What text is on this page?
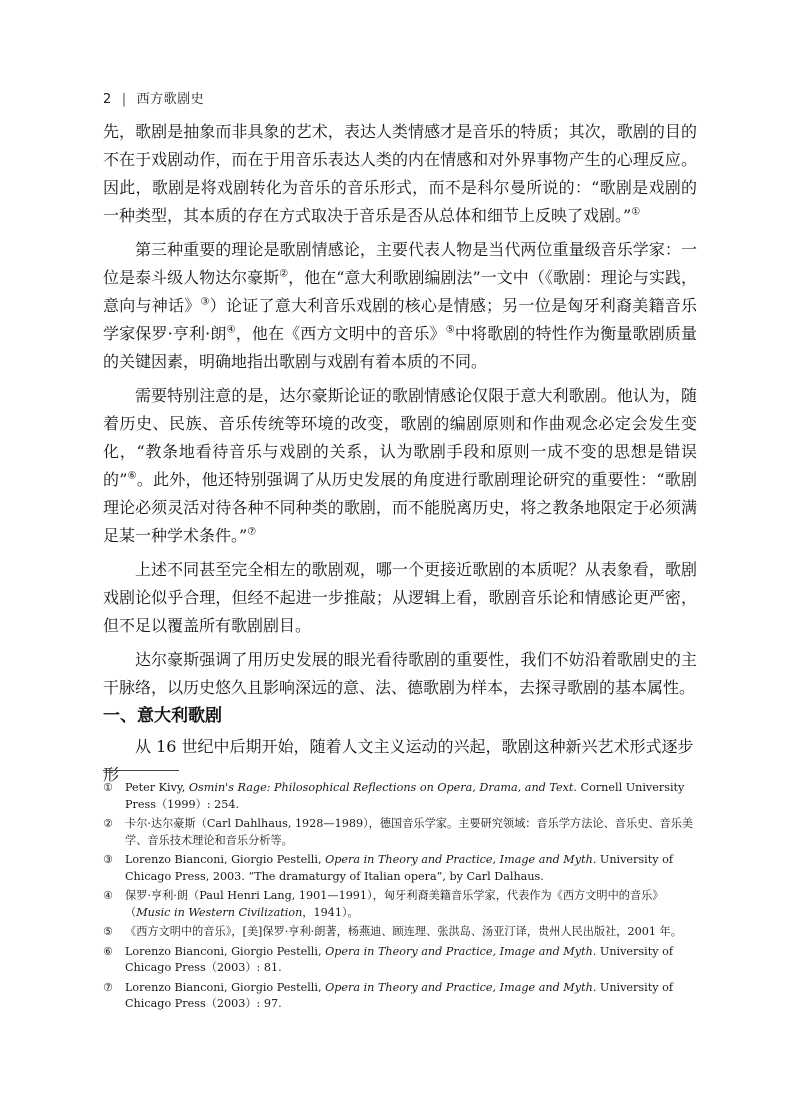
2 | 西方歌剧史

先，歌剧是抽象而非具象的艺术，表达人类情感才是音乐的特质；其次，歌剧的目的不在于戏剧动作，而在于用音乐表达人类的内在情感和对外界事物产生的心理反应。因此，歌剧是将戏剧转化为音乐的音乐形式，而不是科尔曼所说的：“歌剧是戏剧的一种类型，其本质的存在方式取决于音乐是否从总体和细节上反映了戏剧。”①

第三种重要的理论是歌剧情感论，主要代表人物是当代两位重量级音乐学家：一位是泰斗级人物达尔豪斯②，他在“意大利歌剧编剧法”一文中（《歌剧：理论与实践，意向与神话》③）论证了意大利音乐戏剧的核心是情感；另一位是匈牙利裔美籍音乐学家保罗·亨利·朗④，他在《西方文明中的音乐》⑤中将歌剧的特性作为衡量歌剧质量的关键因素，明确地指出歌剧与戏剧有着本质的不同。

需要特别注意的是，达尔豪斯论证的歌剧情感论仅限于意大利歌剧。他认为，随着历史、民族、音乐传统等环境的改变，歌剧的编剧原则和作曲观念必定会发生变化，“教条地看待音乐与戏剧的关系，认为歌剧手段和原则一成不变的思想是错误的”⑥。此外，他还特别强调了从历史发展的角度进行歌剧理论研究的重要性：“歌剧理论必须灵活对待各种不同种类的歌剧，而不能脱离历史，将之教条地限定于必须满足某一种学术条件。”⑦

上述不同甚至完全相左的歌剧观，哪一个更接近歌剧的本质呢？从表象看，歌剧戏剧论似乎合理，但经不起进一步推敲；从逻辑上看，歌剧音乐论和情感论更严密，但不足以覆盖所有歌剧剧目。

达尔豪斯强调了用历史发展的眼光看待歌剧的重要性，我们不妨沿着歌剧史的主干脉络，以历史悠久且影响深远的意、法、德歌剧为样本，去探寻歌剧的基本属性。

一、意大利歌剧
从 16 世纪中后期开始，随着人文主义运动的兴起，歌剧这种新兴艺术形式逐步形
①	Peter Kivy, Osmin's Rage: Philosophical Reflections on Opera, Drama, and Text. Cornell University Press（1999）: 254.
②	卡尔·达尔豪斯（Carl Dahlhaus, 1928—1989），德国音乐学家。主要研究领域：音乐学方法论、音乐史、音乐美学、音乐技术理论和音乐分析等。
③	Lorenzo Bianconi, Giorgio Pestelli, Opera in Theory and Practice, Image and Myth. University of Chicago Press, 2003. “The dramaturgy of Italian opera”, by Carl Dalhaus.
④	保罗·亨利·朗（Paul Henri Lang, 1901—1991），匈牙利裔美籍音乐学家，代表作为《西方文明中的音乐》（Music in Western Civilization，1941）。
⑤	《西方文明中的音乐》，[美]保罗·亨利·朗著，杨燕迪、顾连理、张洪岛、汤亚汀译，贵州人民出版社，2001 年。
⑥	Lorenzo Bianconi, Giorgio Pestelli, Opera in Theory and Practice, Image and Myth. University of Chicago Press（2003）: 81.
⑦	Lorenzo Bianconi, Giorgio Pestelli, Opera in Theory and Practice, Image and Myth. University of Chicago Press（2003）: 97.
